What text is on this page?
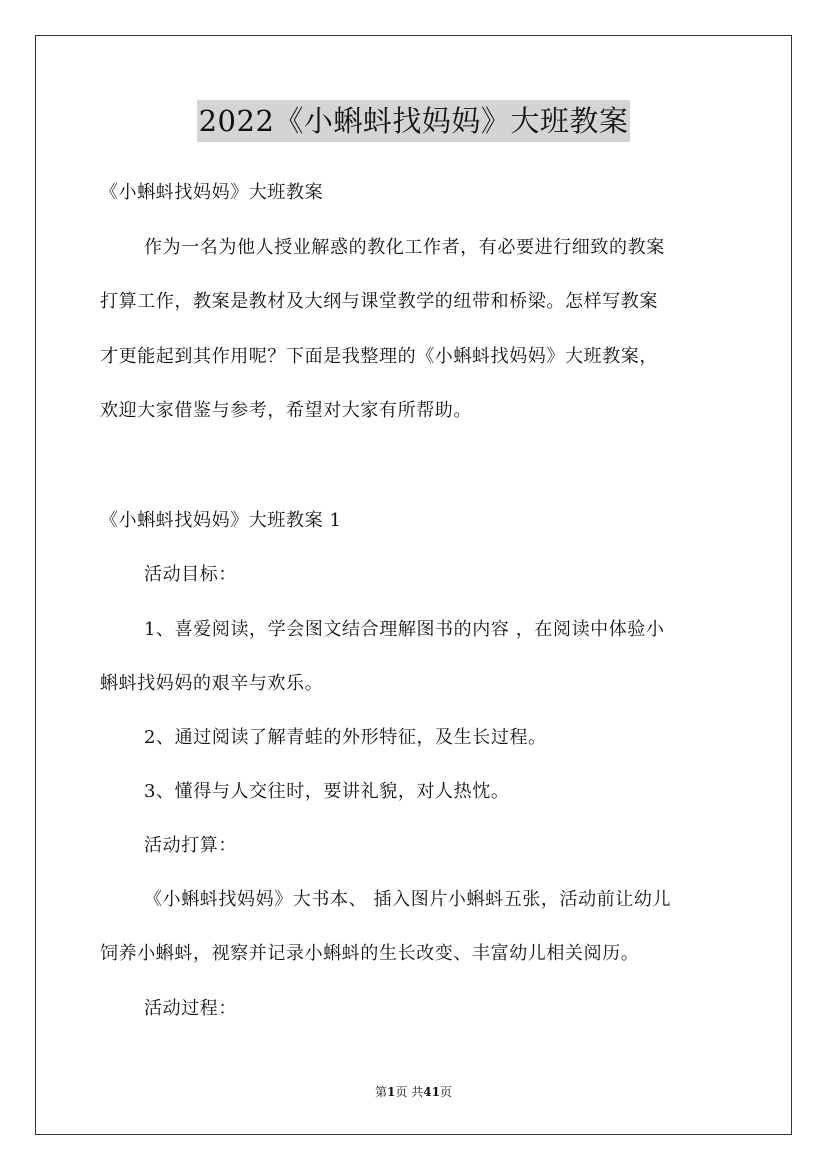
2022《小蝌蚪找妈妈》大班教案
《小蝌蚪找妈妈》大班教案
作为一名为他人授业解惑的教化工作者，有必要进行细致的教案
打算工作，教案是教材及大纲与课堂教学的纽带和桥梁。怎样写教案
才更能起到其作用呢？下面是我整理的《小蝌蚪找妈妈》大班教案，
欢迎大家借鉴与参考，希望对大家有所帮助。
《小蝌蚪找妈妈》大班教案 1
活动目标：
1、喜爱阅读，学会图文结合理解图书的内容 ，在阅读中体验小
蝌蚪找妈妈的艰辛与欢乐。
2、通过阅读了解青蛙的外形特征，及生长过程。
3、懂得与人交往时，要讲礼貌，对人热忱。
活动打算：
《小蝌蚪找妈妈》大书本、 插入图片小蝌蚪五张，活动前让幼儿
饲养小蝌蚪，视察并记录小蝌蚪的生长改变、丰富幼儿相关阅历。
活动过程：
第1页 共41页
